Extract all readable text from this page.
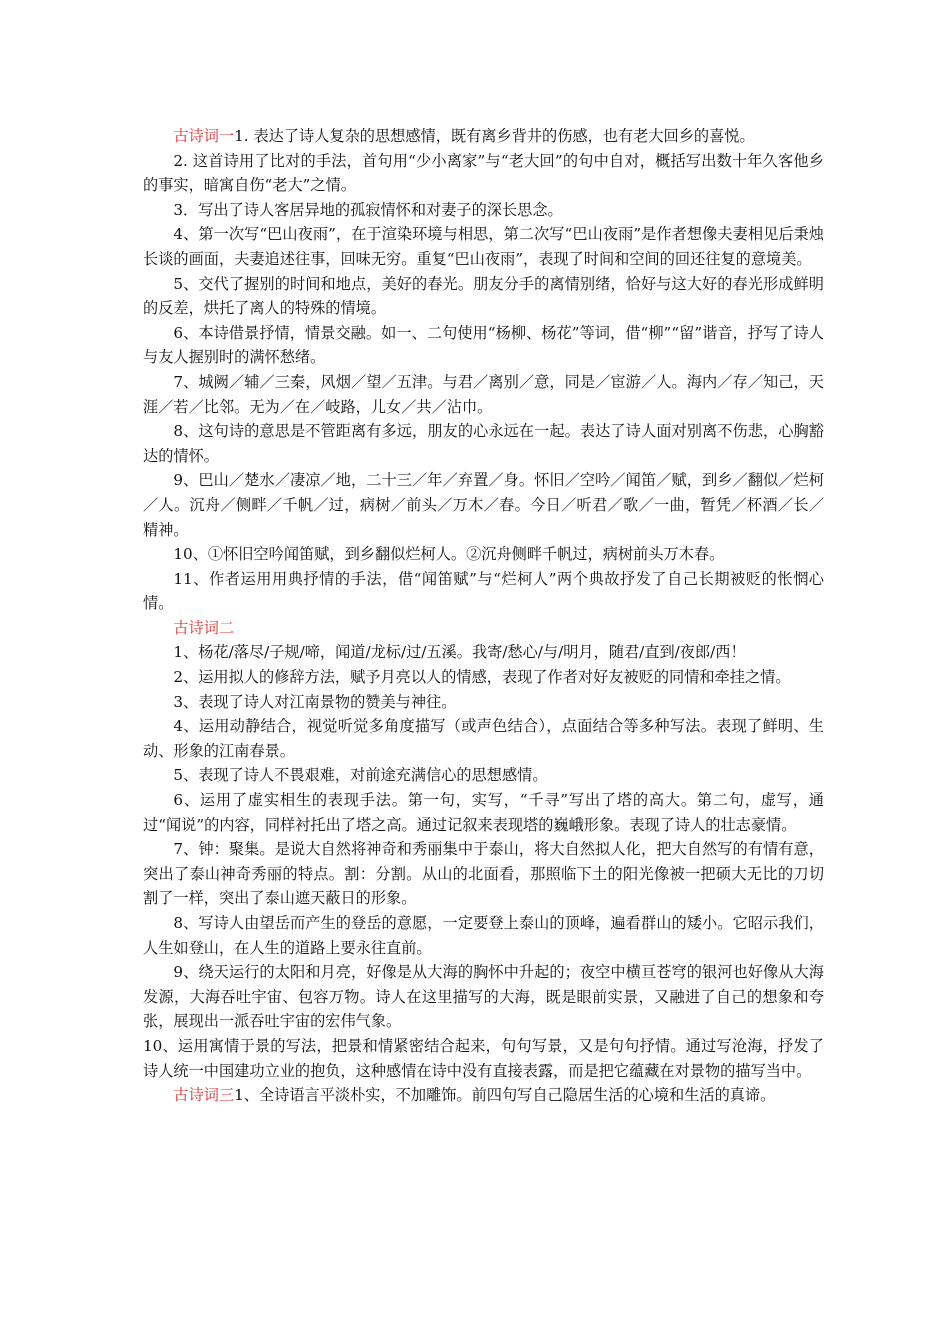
古诗词一1. 表达了诗人复杂的思想感情，既有离乡背井的伤感，也有老大回乡的喜悦。

2. 这首诗用了比对的手法，首句用“少小离家”与“老大回”的句中自对，概括写出数十年久客他乡的事实，暗寓自伤“老大”之情。

3．写出了诗人客居异地的孤寂情怀和对妻子的深长思念。

4、第一次写“巴山夜雨”，在于渲染环境与相思，第二次写“巴山夜雨”是作者想像夫妻相见后秉烛长谈的画面，夫妻追述往事，回味无穷。重复“巴山夜雨”，表现了时间和空间的回还往复的意境美。

5、交代了握别的时间和地点，美好的春光。朋友分手的离情别绪，恰好与这大好的春光形成鲜明的反差，烘托了离人的特殊的情境。

6、本诗借景抒情，情景交融。如一、二句使用“杨柳、杨花”等词，借“柳”“留”谐音，抒写了诗人与友人握别时的满怀愁绪。

7、城阙／辅／三秦，风烟／望／五津。与君／离别／意，同是／宦游／人。海内／存／知己，天涯／若／比邻。无为／在／岐路，儿女／共／沾巾。

8、这句诗的意思是不管距离有多远，朋友的心永远在一起。表达了诗人面对别离不伤悲，心胸豁达的情怀。

9、巴山／楚水／凄凉／地，二十三／年／弃置／身。怀旧／空吟／闻笛／赋，到乡／翻似／烂柯／人。沉舟／侧畔／千帆／过，病树／前头／万木／春。今日／听君／歌／一曲，暂凭／杯酒／长／精神。

10、①怀旧空吟闻笛赋，到乡翻似烂柯人。②沉舟侧畔千帆过，病树前头万木春。

11、作者运用用典抒情的手法，借“闻笛赋”与“烂柯人”两个典故抒发了自己长期被贬的怅惘心情。

古诗词二

1、杨花/落尽/子规/啼，闻道/龙标/过/五溪。我寄/愁心/与/明月，随君/直到/夜郎/西！

2、运用拟人的修辞方法，赋予月亮以人的情感，表现了作者对好友被贬的同情和牵挂之情。

3、表现了诗人对江南景物的赞美与神往。

4、运用动静结合，视觉听觉多角度描写（或声色结合），点面结合等多种写法。表现了鲜明、生动、形象的江南春景。

5、表现了诗人不畏艰难，对前途充满信心的思想感情。

6、运用了虚实相生的表现手法。第一句，实写，“千寻”写出了塔的高大。第二句，虚写，通过“闻说”的内容，同样衬托出了塔之高。通过记叙来表现塔的巍峨形象。表现了诗人的壮志豪情。

7、钟：聚集。是说大自然将神奇和秀丽集中于泰山，将大自然拟人化，把大自然写的有情有意，突出了泰山神奇秀丽的特点。割：分割。从山的北面看，那照临下土的阳光像被一把硕大无比的刀切割了一样，突出了泰山遮天蔽日的形象。

8、写诗人由望岳而产生的登岳的意愿，一定要登上泰山的顶峰，遍看群山的矮小。它昭示我们，人生如登山，在人生的道路上要永往直前。

9、绕天运行的太阳和月亮，好像是从大海的胸怀中升起的；夜空中横亘苍穹的银河也好像从大海发源，大海吞吐宇宙、包容万物。诗人在这里描写的大海，既是眼前实景，又融进了自己的想象和夸张，展现出一派吞吐宇宙的宏伟气象。

10、运用寓情于景的写法，把景和情紧密结合起来，句句写景，又是句句抒情。通过写沧海，抒发了诗人统一中国建功立业的抱负，这种感情在诗中没有直接表露，而是把它蕴藏在对景物的描写当中。

古诗词三1、全诗语言平淡朴实，不加雕饰。前四句写自己隐居生活的心境和生活的真谛。
